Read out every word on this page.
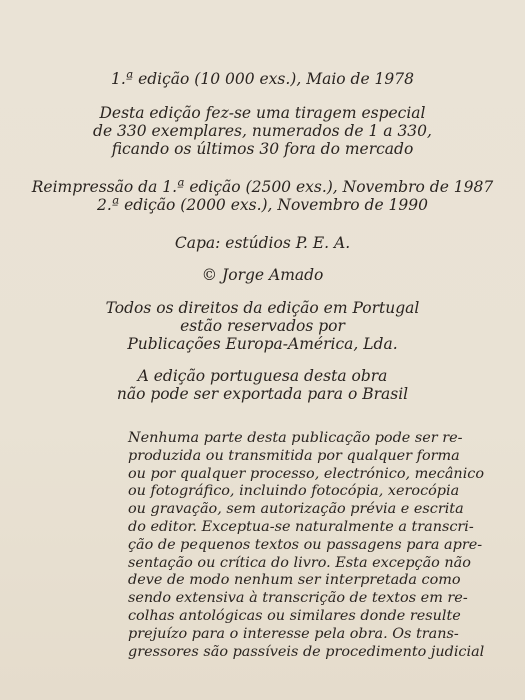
1.ª edição (10 000 exs.), Maio de 1978
Desta edição fez-se uma tiragem especial
de 330 exemplares, numerados de 1 a 330,
ficando os últimos 30 fora do mercado
Reimpressão da 1.ª edição (2500 exs.), Novembro de 1987
2.ª edição (2000 exs.), Novembro de 1990
Capa: estúdios P. E. A.
© Jorge Amado
Todos os direitos da edição em Portugal
estão reservados por
Publicações Europa-América, Lda.
A edição portuguesa desta obra
não pode ser exportada para o Brasil
Nenhuma parte desta publicação pode ser re-
produzida ou transmitida por qualquer forma
ou por qualquer processo, electrónico, mecânico
ou fotográfico, incluindo fotocópia, xerocópia
ou gravação, sem autorização prévia e escrita
do editor. Exceptua-se naturalmente a transcri-
ção de pequenos textos ou passagens para apre-
sentação ou crítica do livro. Esta excepção não
deve de modo nenhum ser interpretada como
sendo extensiva à transcrição de textos em re-
colhas antológicas ou similares donde resulte
prejuízo para o interesse pela obra. Os trans-
gressores são passíveis de procedimento judicial
